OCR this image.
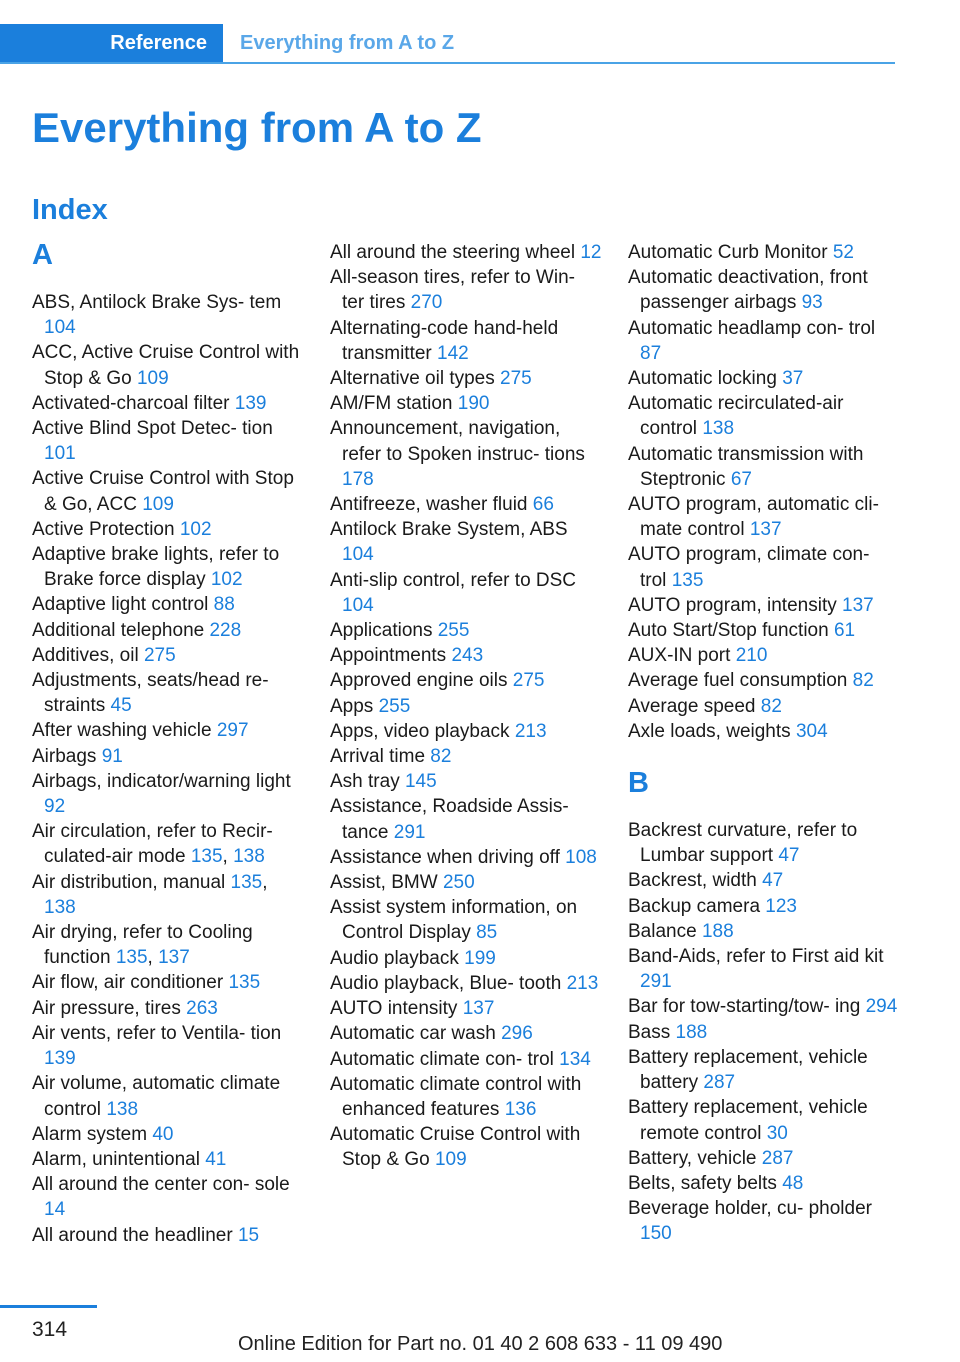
Reference	Everything from A to Z
Everything from A to Z
Index
A
ABS, Antilock Brake Sys- tem 104
ACC, Active Cruise Control with Stop & Go 109
Activated-charcoal filter 139
Active Blind Spot Detec- tion 101
Active Cruise Control with Stop & Go, ACC 109
Active Protection 102
Adaptive brake lights, refer to Brake force display 102
Adaptive light control 88
Additional telephone 228
Additives, oil 275
Adjustments, seats/head re- straints 45
After washing vehicle 297
Airbags 91
Airbags, indicator/warning light 92
Air circulation, refer to Recir- culated-air mode 135, 138
Air distribution, manual 135, 138
Air drying, refer to Cooling function 135, 137
Air flow, air conditioner 135
Air pressure, tires 263
Air vents, refer to Ventila- tion 139
Air volume, automatic climate control 138
Alarm system 40
Alarm, unintentional 41
All around the center con- sole 14
All around the headliner 15
All around the steering wheel 12
All-season tires, refer to Win- ter tires 270
Alternating-code hand-held transmitter 142
Alternative oil types 275
AM/FM station 190
Announcement, navigation, refer to Spoken instruc- tions 178
Antifreeze, washer fluid 66
Antilock Brake System, ABS 104
Anti-slip control, refer to DSC 104
Applications 255
Appointments 243
Approved engine oils 275
Apps 255
Apps, video playback 213
Arrival time 82
Ash tray 145
Assistance, Roadside Assis- tance 291
Assistance when driving off 108
Assist, BMW 250
Assist system information, on Control Display 85
Audio playback 199
Audio playback, Blue- tooth 213
AUTO intensity 137
Automatic car wash 296
Automatic climate con- trol 134
Automatic climate control with enhanced features 136
Automatic Cruise Control with Stop & Go 109
Automatic Curb Monitor 52
Automatic deactivation, front passenger airbags 93
Automatic headlamp con- trol 87
Automatic locking 37
Automatic recirculated-air control 138
Automatic transmission with Steptronic 67
AUTO program, automatic cli- mate control 137
AUTO program, climate con- trol 135
AUTO program, intensity 137
Auto Start/Stop function 61
AUX-IN port 210
Average fuel consumption 82
Average speed 82
Axle loads, weights 304
B
Backrest curvature, refer to Lumbar support 47
Backrest, width 47
Backup camera 123
Balance 188
Band-Aids, refer to First aid kit 291
Bar for tow-starting/tow- ing 294
Bass 188
Battery replacement, vehicle battery 287
Battery replacement, vehicle remote control 30
Battery, vehicle 287
Belts, safety belts 48
Beverage holder, cu- pholder 150
314
Online Edition for Part no. 01 40 2 608 633 - 11 09 490
